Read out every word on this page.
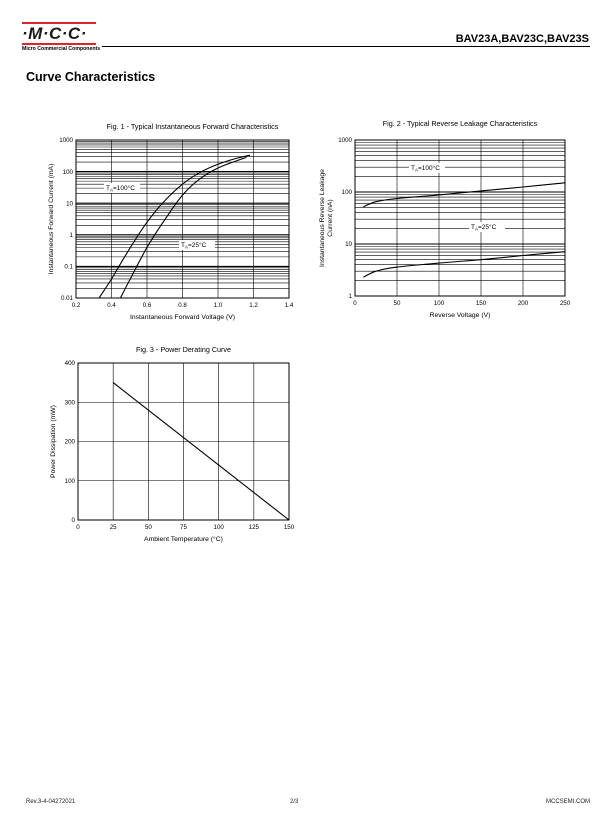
·M·C·C·
Micro Commercial Components
BAV23A,BAV23C,BAV23S
Curve Characteristics
0.2	0.4	0.6	0.8	1.0	1.2	1.4
0.01
0.1
1
10
100
1000
Fig. 1 - Typical Instantaneous Forward Characteristics
Instantaneous Forward Voltage (V)
Instantaneous Forward Current (mA)
0	50	100	150	200	250
1
10
100
1000
Fig. 2 - Typical Reverse Leakage Characteristics
Reverse Voltage (V)
Instantaneous Reverse Leakage Current (nA)
0	25	50	75	100	125	150
0
100
200
300
400
Fig. 3 - Power Derating Curve
Ambient Temperature (°C)
Power Dissipation (mW)
$T_A=100^\circ C$
$T_A=25^\circ C$
$T_A=100^\circ C$
$T_A=25^\circ C$
Rev.3-4-04272021	2/3	MCCSEMI.COM
